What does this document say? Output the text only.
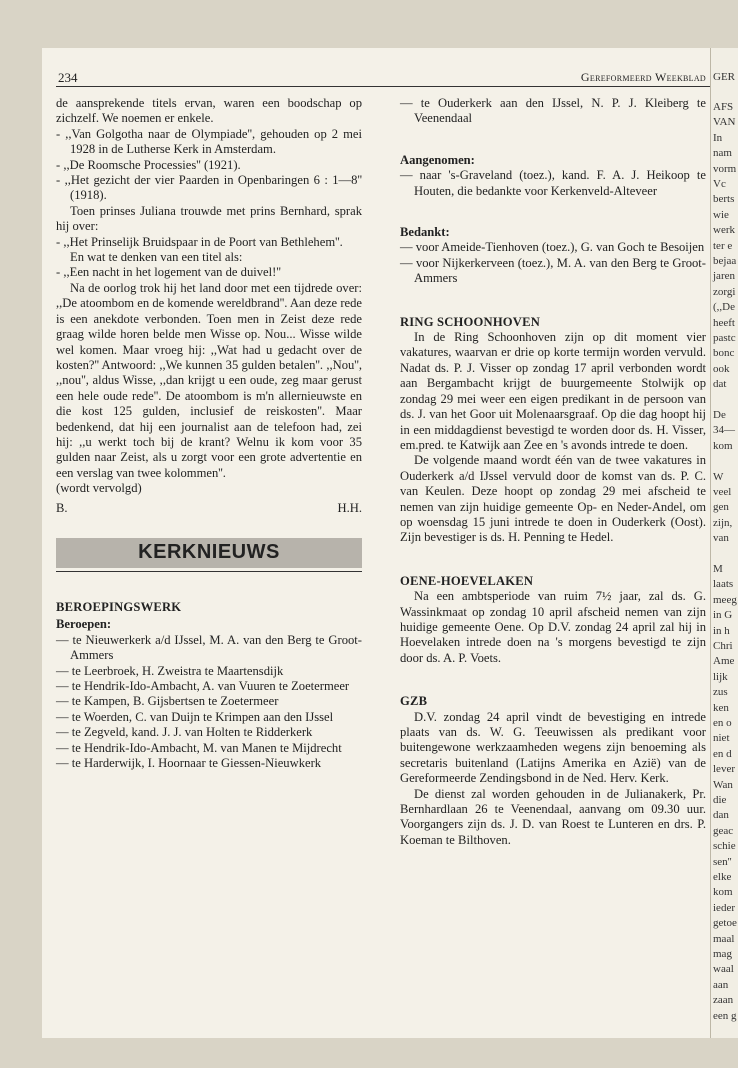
234	Gereformeerd Weekblad

de aansprekende titels ervan, waren een boodschap op zichzelf. We noemen er enkele.

- ,,Van Golgotha naar de Olympiade'', gehouden op 2 mei 1928 in de Lutherse Kerk in Amsterdam.

- ,,De Roomsche Processies'' (1921).

- ,,Het gezicht der vier Paarden in Openbaringen 6 : 1—8'' (1918).

Toen prinses Juliana trouwde met prins Bernhard, sprak hij over:

- ,,Het Prinselijk Bruidspaar in de Poort van Bethlehem''.

En wat te denken van een titel als:

- ,,Een nacht in het logement van de duivel!''

Na de oorlog trok hij het land door met een tijdrede over: ,,De atoombom en de komende wereldbrand''. Aan deze rede is een anekdote verbonden. Toen men in Zeist deze rede graag wilde horen belde men Wisse op. Nou... Wisse wilde wel komen. Maar vroeg hij: ,,Wat had u gedacht over de kosten?'' Antwoord: ,,We kunnen 35 gulden betalen''. ,,Nou'', ,,nou'', aldus Wisse, ,,dan krijgt u een oude, zeg maar gerust een hele oude rede''. De atoombom is m'n allernieuwste en die kost 125 gulden, inclusief de reiskosten''. Maar bedenkend, dat hij een journalist aan de telefoon had, zei hij: ,,u werkt toch bij de krant? Welnu ik kom voor 35 gulden naar Zeist, als u zorgt voor een grote advertentie en een verslag van twee kolommen''.

(wordt vervolgd)

B.	H.H.
KERKNIEUWS
BEROEPINGSWERK
Beroepen:

— te Nieuwerkerk a/d IJssel, M. A. van den Berg te Groot-Ammers

— te Leerbroek, H. Zweistra te Maartensdijk

— te Hendrik-Ido-Ambacht, A. van Vuuren te Zoetermeer

— te Kampen, B. Gijsbertsen te Zoetermeer

— te Woerden, C. van Duijn te Krimpen aan den IJssel

— te Zegveld, kand. J. J. van Holten te Ridderkerk

— te Hendrik-Ido-Ambacht, M. van Manen te Mijdrecht

— te Harderwijk, I. Hoornaar te Giessen-Nieuwkerk

— te Ouderkerk aan den IJssel, N. P. J. Kleiberg te Veenendaal

Aangenomen:

— naar 's-Graveland (toez.), kand. F. A. J. Heikoop te Houten, die bedankte voor Kerkenveld-Alteveer

Bedankt:

— voor Ameide-Tienhoven (toez.), G. van Goch te Besoijen

— voor Nijkerkerveen (toez.), M. A. van den Berg te Groot-Ammers

RING SCHOONHOVEN

In de Ring Schoonhoven zijn op dit moment vier vakatures, waarvan er drie op korte termijn worden vervuld. Nadat ds. P. J. Visser op zondag 17 april verbonden wordt aan Bergambacht krijgt de buurgemeente Stolwijk op zondag 29 mei weer een eigen predikant in de persoon van ds. J. van het Goor uit Molenaarsgraaf. Op die dag hoopt hij in een middagdienst bevestigd te worden door ds. H. Visser, em.pred. te Katwijk aan Zee en 's avonds intrede te doen.

De volgende maand wordt één van de twee vakatures in Ouderkerk a/d IJssel vervuld door de komst van ds. P. C. van Keulen. Deze hoopt op zondag 29 mei afscheid te nemen van zijn huidige gemeente Op- en Neder-Andel, om op woensdag 15 juni intrede te doen in Ouderkerk (Oost). Zijn bevestiger is ds. H. Penning te Hedel.

OENE-HOEVELAKEN

Na een ambtsperiode van ruim 7½ jaar, zal ds. G. Wassinkmaat op zondag 10 april afscheid nemen van zijn huidige gemeente Oene. Op D.V. zondag 24 april zal hij in Hoevelaken intrede doen na 's morgens bevestigd te zijn door ds. A. P. Voets.

GZB

D.V. zondag 24 april vindt de bevestiging en intrede plaats van ds. W. G. Teeuwissen als predikant voor buitengewone werkzaamheden wegens zijn benoeming als secretaris buitenland (Latijns Amerika en Azië) van de Gereformeerde Zendingsbond in de Ned. Herv. Kerk.

De dienst zal worden gehouden in de Julianakerk, Pr. Bernhardlaan 26 te Veenendaal, aanvang om 09.30 uur. Voorgangers zijn ds. J. D. van Roest te Lunteren en drs. P. Koeman te Bilthoven.

GER
AFS
VAN
In
nam
vorm
Vc
berts
wie
werk
ter e
bejaa
jaren
zorgi
(,,De
heeft
pastc
bonc
ook
dat
De
34—
kom
W
veel
gen
zijn,
van
M
laats
meeg
in G
in h
Chri
Ame
lijk
zus
ken
en o
niet
en d
lever
Wan
die
dan
geac
schie
sen''
elke
kom
ieder
getoe
maal
mag
waal
aan
zaan
een g
